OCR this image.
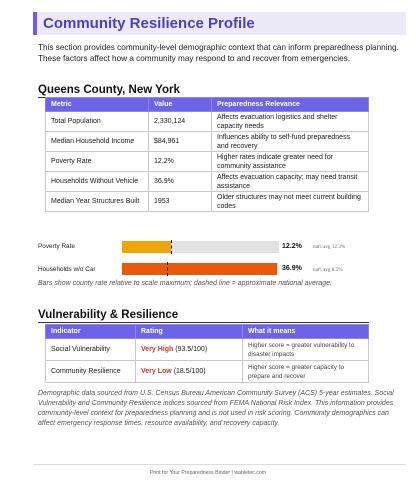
Community Resilience Profile
This section provides community-level demographic context that can inform preparedness planning. These factors affect how a community may respond to and recover from emergencies.
Queens County, New York
Metric	Value	Preparedness Relevance
Total Population	2,330,124	Affects evacuation logistics and shelter capacity needs
Median Household Income	$84,961	Influences ability to self-fund preparedness and recovery
Poverty Rate	12.2%	Higher rates indicate greater need for community assistance
Households Without Vehicle	36.9%	Affects evacuation capacity; may need transit assistance
Median Year Structures Built	1953	Older structures may not meet current building codes
Poverty Rate	12.2% nat'l avg 12.3%
Households w/o Car	36.9% nat'l avg 8.5%
Bars show county rate relative to scale maximum; dashed line = approximate national average.
Vulnerability & Resilience
Indicator	Rating	What it means
Social Vulnerability	Very High (93.5/100)	Higher score = greater vulnerability to disaster impacts
Community Resilience	Very Low (18.5/100)	Higher score = greater capacity to prepare and recover
Demographic data sourced from U.S. Census Bureau American Community Survey (ACS) 5-year estimates. Social Vulnerability and Community Resilience indices sourced from FEMA National Risk Index. This information provides community-level context for preparedness planning and is not used in risk scoring. Community demographics can affect emergency response times, resource availability, and recovery capacity.
Print for Your Preparedness Binder | wahletec.com
